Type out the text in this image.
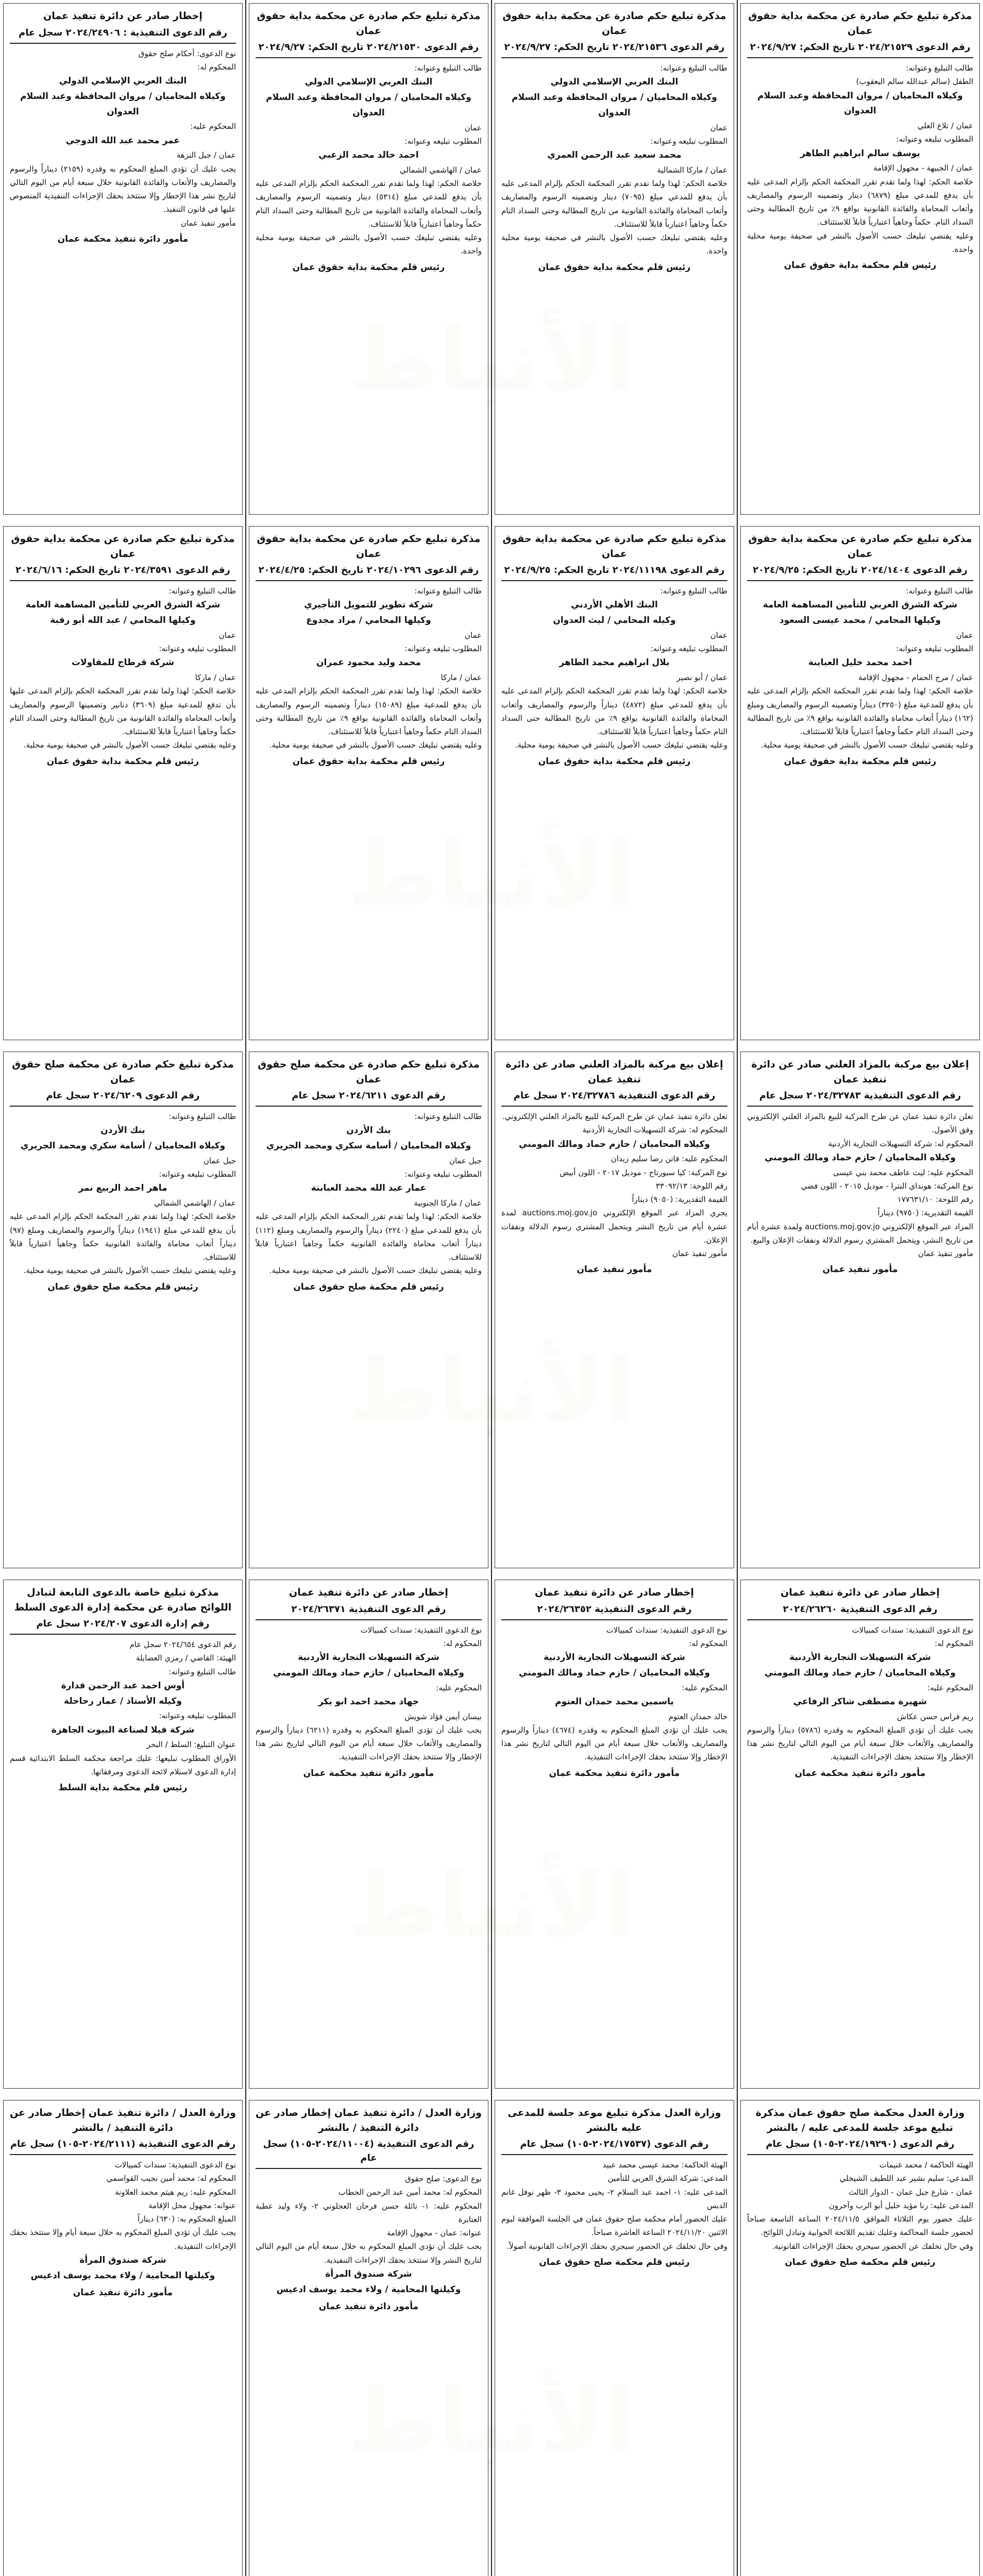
مذكرة تبليغ حكم صادرة عن محكمة بداية حقوق عمان
رقم الدعوى ٢٠٢٤/٢١٥٢٩ تاريخ الحكم: ٢٠٢٤/٩/٢٧
طالب التبليغ وعنوانه:
الطفل (سالم عبدالله سالم اليعقوب)
وكيلاه المحاميان / مروان المحافظة وعبد السلام العدوان
عمان / تلاع العلي
المطلوب تبليغه وعنوانه:
يوسف سالم ابراهيم الطاهر
عمان / الجبيهة - مجهول الإقامة
خلاصة الحكم: لهذا ولما تقدم تقرر المحكمة الحكم بإلزام المدعى عليه بأن يدفع للمدعي مبلغ (٦٨٧٩) دينار وتضمينه الرسوم والمصاريف وأتعاب المحاماة والفائدة القانونية بواقع ٩٪ من تاريخ المطالبة وحتى السداد التام. حكماً وجاهياً اعتبارياً قابلاً للاستئناف.
وعليه يقتضي تبليغك حسب الأصول بالنشر في صحيفة يومية محلية واحدة.
رئيس قلم محكمة بداية حقوق عمان
مذكرة تبليغ حكم صادرة عن محكمة بداية حقوق عمان
رقم الدعوى ٢٠٢٤/٢١٥٣٦ تاريخ الحكم: ٢٠٢٤/٩/٢٧
طالب التبليغ وعنوانه:
البنك العربي الإسلامي الدولي
وكيلاه المحاميان / مروان المحافظة وعبد السلام العدوان
عمان
المطلوب تبليغه وعنوانه:
محمد سعيد عبد الرحمن العمري
عمان / ماركا الشمالية
خلاصة الحكم: لهذا ولما تقدم تقرر المحكمة الحكم بإلزام المدعى عليه بأن يدفع للمدعي مبلغ (٧٠٩٥) دينار وتضمينه الرسوم والمصاريف وأتعاب المحاماة والفائدة القانونية من تاريخ المطالبة وحتى السداد التام حكماً وجاهياً اعتبارياً قابلاً للاستئناف.
وعليه يقتضي تبليغك حسب الأصول بالنشر في صحيفة يومية محلية واحدة.
رئيس قلم محكمة بداية حقوق عمان
مذكرة تبليغ حكم صادرة عن محكمة بداية حقوق عمان
رقم الدعوى ٢٠٢٤/٢١٥٣٠ تاريخ الحكم: ٢٠٢٤/٩/٢٧
طالب التبليغ وعنوانه:
البنك العربي الإسلامي الدولي
وكيلاه المحاميان / مروان المحافظة وعبد السلام العدوان
عمان
المطلوب تبليغه وعنوانه:
احمد خالد محمد الزعبي
عمان / الهاشمي الشمالي
خلاصة الحكم: لهذا ولما تقدم تقرر المحكمة الحكم بإلزام المدعى عليه بأن يدفع للمدعي مبلغ (٥٣١٤) دينار وتضمينه الرسوم والمصاريف وأتعاب المحاماة والفائدة القانونية من تاريخ المطالبة وحتى السداد التام حكماً وجاهياً اعتبارياً قابلاً للاستئناف.
وعليه يقتضي تبليغك حسب الأصول بالنشر في صحيفة يومية محلية واحدة.
رئيس قلم محكمة بداية حقوق عمان
إخطار صادر عن دائرة تنفيذ عمان
رقم الدعوى التنفيذية : ٢٠٢٤/٢٤٩٠٦ سجل عام
نوع الدعوى: أحكام صلح حقوق
المحكوم له:
البنك العربي الإسلامي الدولي
وكيلاه المحاميان / مروان المحافظة وعبد السلام العدوان
المحكوم عليه:
عمر محمد عبد الله الدوجي
عمان / جبل النزهة
يجب عليك أن تؤدي المبلغ المحكوم به وقدره (٢١٥٩) ديناراً والرسوم والمصاريف والأتعاب والفائدة القانونية خلال سبعة أيام من اليوم التالي لتاريخ نشر هذا الإخطار وإلا ستتخذ بحقك الإجراءات التنفيذية المنصوص عليها في قانون التنفيذ.
مأمور تنفيذ عمان
مأمور دائرة تنفيذ محكمة عمان
مذكرة تبليغ حكم صادرة عن محكمة بداية حقوق عمان
رقم الدعوى ٢٠٢٤/١٤٠٤ تاريخ الحكم: ٢٠٢٤/٩/٢٥
طالب التبليغ وعنوانه:
شركة الشرق العربي للتأمين المساهمة العامة
وكيلها المحامي / محمد عيسى السعود
عمان
المطلوب تبليغه وعنوانه:
احمد محمد خليل العبابنة
عمان / مرج الحمام - مجهول الإقامة
خلاصة الحكم: لهذا ولما تقدم تقرر المحكمة الحكم بإلزام المدعى عليه بأن يدفع للمدعية مبلغ (٣٢٥٠) ديناراً وتضمينه الرسوم والمصاريف ومبلغ (١٦٢) ديناراً أتعاب محاماة والفائدة القانونية بواقع ٩٪ من تاريخ المطالبة وحتى السداد التام حكماً وجاهياً اعتبارياً قابلاً للاستئناف.
وعليه يقتضي تبليغك حسب الأصول بالنشر في صحيفة يومية محلية.
رئيس قلم محكمة بداية حقوق عمان
مذكرة تبليغ حكم صادرة عن محكمة بداية حقوق عمان
رقم الدعوى ٢٠٢٤/١١١٩٨ تاريخ الحكم: ٢٠٢٤/٩/٢٥
طالب التبليغ وعنوانه:
البنك الأهلي الأردني
وكيله المحامي / ليث العدوان
عمان
المطلوب تبليغه وعنوانه:
بلال ابراهيم محمد الطاهر
عمان / أبو نصير
خلاصة الحكم: لهذا ولما تقدم تقرر المحكمة الحكم بإلزام المدعى عليه بأن يدفع للمدعي مبلغ (٤٨٧٢) ديناراً والرسوم والمصاريف وأتعاب المحاماة والفائدة القانونية بواقع ٩٪ من تاريخ المطالبة حتى السداد التام حكماً وجاهياً اعتبارياً قابلاً للاستئناف.
وعليه يقتضي تبليغك حسب الأصول بالنشر في صحيفة يومية محلية.
رئيس قلم محكمة بداية حقوق عمان
مذكرة تبليغ حكم صادرة عن محكمة بداية حقوق عمان
رقم الدعوى ٢٠٢٤/١٠٢٩٦ تاريخ الحكم: ٢٠٢٤/٤/٢٥
طالب التبليغ وعنوانه:
شركة تطوير للتمويل التأجيري
وكيلها المحامي / مراد مجدوع
عمان
المطلوب تبليغه وعنوانه:
محمد وليد محمود عمران
عمان / ماركا
خلاصة الحكم: لهذا ولما تقدم تقرر المحكمة الحكم بإلزام المدعى عليه بأن يدفع للمدعية مبلغ (١٥٠٨٩) ديناراً وتضمينه الرسوم والمصاريف وأتعاب المحاماة والفائدة القانونية بواقع ٩٪ من تاريخ المطالبة وحتى السداد التام حكماً وجاهياً اعتبارياً قابلاً للاستئناف.
وعليه يقتضي تبليغك حسب الأصول بالنشر في صحيفة يومية محلية.
رئيس قلم محكمة بداية حقوق عمان
مذكرة تبليغ حكم صادرة عن محكمة بداية حقوق عمان
رقم الدعوى ٢٠٢٤/٣٥٩١ تاريخ الحكم: ٢٠٢٤/٦/١٦
طالب التبليغ وعنوانه:
شركة الشرق العربي للتأمين المساهمة العامة
وكيلها المحامي / عبد الله أبو رقبة
عمان
المطلوب تبليغه وعنوانه:
شركة قرطاج للمقاولات
عمان / ماركا
خلاصة الحكم: لهذا ولما تقدم تقرر المحكمة الحكم بإلزام المدعى عليها بأن تدفع للمدعية مبلغ (٣٦٠٩) دنانير وتضمينها الرسوم والمصاريف وأتعاب المحاماة والفائدة القانونية من تاريخ المطالبة وحتى السداد التام حكماً وجاهياً اعتبارياً قابلاً للاستئناف.
وعليه يقتضي تبليغك حسب الأصول بالنشر في صحيفة يومية محلية.
رئيس قلم محكمة بداية حقوق عمان
إعلان بيع مركبة بالمزاد العلني صادر عن دائرة تنفيذ عمان
رقم الدعوى التنفيذية ٢٠٢٤/٣٢٧٨٣ سجل عام
تعلن دائرة تنفيذ عمان عن طرح المركبة للبيع بالمزاد العلني الإلكتروني وفق الأصول.
المحكوم له: شركة التسهيلات التجارية الأردنية
وكيلاه المحاميان / حازم حماد ومالك المومني
المحكوم عليه: ليث عاطف محمد بني عيسى
نوع المركبة: هونداي النترا - موديل ٢٠١٥ - اللون فضي
رقم اللوحة: ١٧٧٦٣١/١٠
القيمة التقديرية: (٩٧٥٠) ديناراً
المزاد عبر الموقع الإلكتروني auctions.moj.gov.jo ولمدة عشرة أيام من تاريخ النشر، ويتحمل المشتري رسوم الدلالة ونفقات الإعلان والبيع.
مأمور تنفيذ عمان
مأمور تنفيذ عمان
إعلان بيع مركبة بالمزاد العلني صادر عن دائرة تنفيذ عمان
رقم الدعوى التنفيذية ٢٠٢٤/٣٢٧٨٦ سجل عام
تعلن دائرة تنفيذ عمان عن طرح المركبة للبيع بالمزاد العلني الإلكتروني.
المحكوم له: شركة التسهيلات التجارية الأردنية
وكيلاه المحاميان / حازم حماد ومالك المومني
المحكوم عليه: فاتن رضا سليم زيدان
نوع المركبة: كيا سبورتاج - موديل ٢٠١٧ - اللون أبيض
رقم اللوحة: ٣٣٠٩٢/١٣
القيمة التقديرية: (٩٠٥٠) ديناراً
يجري المزاد عبر الموقع الإلكتروني auctions.moj.gov.jo لمدة عشرة أيام من تاريخ النشر ويتحمل المشتري رسوم الدلالة ونفقات الإعلان.
مأمور تنفيذ عمان
مأمور تنفيذ عمان
مذكرة تبليغ حكم صادرة عن محكمة صلح حقوق عمان
رقم الدعوى ٢٠٢٤/٦٢١١ سجل عام
طالب التبليغ وعنوانه:
بنك الأردن
وكيلاه المحاميان / أسامة سكري ومحمد الجريري
جبل عمان
المطلوب تبليغه وعنوانه:
عمار عبد الله محمد العبابنة
عمان / ماركا الجنوبية
خلاصة الحكم: لهذا ولما تقدم تقرر المحكمة الحكم بإلزام المدعى عليه بأن يدفع للمدعي مبلغ (٢٢٤٠) ديناراً والرسوم والمصاريف ومبلغ (١١٢) ديناراً أتعاب محاماة والفائدة القانونية حكماً وجاهياً اعتبارياً قابلاً للاستئناف.
وعليه يقتضي تبليغك حسب الأصول بالنشر في صحيفة يومية محلية.
رئيس قلم محكمة صلح حقوق عمان
مذكرة تبليغ حكم صادرة عن محكمة صلح حقوق عمان
رقم الدعوى ٢٠٢٤/٦٢٠٩ سجل عام
طالب التبليغ وعنوانه:
بنك الأردن
وكيلاه المحاميان / أسامة سكري ومحمد الجريري
جبل عمان
المطلوب تبليغه وعنوانه:
ماهر احمد الربيع نمر
عمان / الهاشمي الشمالي
خلاصة الحكم: لهذا ولما تقدم تقرر المحكمة الحكم بإلزام المدعى عليه بأن يدفع للمدعي مبلغ (١٩٤١) ديناراً والرسوم والمصاريف ومبلغ (٩٧) ديناراً أتعاب محاماة والفائدة القانونية حكماً وجاهياً اعتبارياً قابلاً للاستئناف.
وعليه يقتضي تبليغك حسب الأصول بالنشر في صحيفة يومية محلية.
رئيس قلم محكمة صلح حقوق عمان
إخطار صادر عن دائرة تنفيذ عمان
رقم الدعوى التنفيذية ٢٠٢٤/٢٦٢٦٠
نوع الدعوى التنفيذية: سندات كمبيالات
المحكوم له:
شركة التسهيلات التجارية الأردنية
وكيلاه المحاميان / حازم حماد ومالك المومني
المحكوم عليه:
شهيرة مصطفى شاكر الرفاعي
ريم فراس حسن عكاش
يجب عليك أن تؤدي المبلغ المحكوم به وقدره (٥٧٨٦) ديناراً والرسوم والمصاريف والأتعاب خلال سبعة أيام من اليوم التالي لتاريخ نشر هذا الإخطار وإلا ستتخذ بحقك الإجراءات التنفيذية.
مأمور دائرة تنفيذ محكمة عمان
إخطار صادر عن دائرة تنفيذ عمان
رقم الدعوى التنفيذية ٢٠٢٤/٢٦٣٥٢
نوع الدعوى التنفيذية: سندات كمبيالات
المحكوم له:
شركة التسهيلات التجارية الأردنية
وكيلاه المحاميان / حازم حماد ومالك المومني
المحكوم عليه:
ياسمين محمد حمدان العتوم
خالد حمدان العتوم
يجب عليك أن تؤدي المبلغ المحكوم به وقدره (٤٦٧٤) ديناراً والرسوم والمصاريف والأتعاب خلال سبعة أيام من اليوم التالي لتاريخ نشر هذا الإخطار وإلا ستتخذ بحقك الإجراءات التنفيذية.
مأمور دائرة تنفيذ محكمة عمان
إخطار صادر عن دائرة تنفيذ عمان
رقم الدعوى التنفيذية ٢٠٢٤/٢٦٣٧١
نوع الدعوى التنفيذية: سندات كمبيالات
المحكوم له:
شركة التسهيلات التجارية الأردنية
وكيلاه المحاميان / حازم حماد ومالك المومني
المحكوم عليه:
جهاد محمد احمد ابو بكر
بيسان أيمن فؤاد شويش
يجب عليك أن تؤدي المبلغ المحكوم به وقدره (٦٢١١) ديناراً والرسوم والمصاريف والأتعاب خلال سبعة أيام من اليوم التالي لتاريخ نشر هذا الإخطار وإلا ستتخذ بحقك الإجراءات التنفيذية.
مأمور دائرة تنفيذ محكمة عمان
مذكرة تبليغ خاصة بالدعوى التابعة لتبادل اللوائح صادرة عن محكمة إدارة الدعوى السلط
رقم إدارة الدعوى ٢٠٢٤/٢٠٧ سجل عام
رقم الدعوى ٢٠٢٤/٦٥٤ سجل عام
الهيئة: القاضي / رمزي العضايلة
طالب التبليغ وعنوانه:
أوس احمد عبد الرحمن قدارة
وكيله الأستاذ / عمار رحاحلة
المطلوب تبليغه وعنوانه:
شركة فيلا لصناعة البيوت الجاهزة
عنوان التبليغ: السلط / البحر
الأوراق المطلوب تبليغها: عليك مراجعة محكمة السلط الابتدائية قسم إدارة الدعوى لاستلام لائحة الدعوى ومرفقاتها.
رئيس قلم محكمة بداية السلط
وزارة العدل محكمة صلح حقوق عمان مذكرة تبليغ موعد جلسة للمدعى عليه / بالنشر
رقم الدعوى (٢٠٢٤/١٩٢٩٠-١٠٥) سجل عام
الهيئة الحاكمة / محمد غنيمات
المدعي: سليم بشير عبد اللطيف الشيخلي
عمان - شارع جبل عمان - الدوار الثالث
المدعى عليه: رنا مؤيد خليل أبو الرب وآخرون
عليك حضور يوم الثلاثاء الموافق ٢٠٢٤/١١/٥ الساعة التاسعة صباحاً لحضور جلسة المحاكمة وعليك تقديم اللائحة الجوابية وتبادل اللوائح.
وفي حال تخلفك عن الحضور سيجري بحقك الإجراءات القانونية.
رئيس قلم محكمة صلح حقوق عمان
وزارة العدل مذكرة تبليغ موعد جلسة للمدعى عليه بالنشر
رقم الدعوى (٢٠٢٤/١٧٥٣٧-١٠٥) سجل عام
الهيئة الحاكمة: محمد عيسى محمد عبيد
المدعي: شركة الشرق العربي للتأمين
المدعى عليه: ١- احمد عبد السلام ٢- يحيى محمود ٣- ظهر نوفل غانم الدبس
عليك الحضور أمام محكمة صلح حقوق عمان في الجلسة الموافقة ليوم الاثنين ٢٠٢٤/١١/٢٠ الساعة العاشرة صباحاً.
وفي حال تخلفك عن الحضور سيجري بحقك الإجراءات القانونية أصولاً.
رئيس قلم محكمة صلح حقوق عمان
وزارة العدل / دائرة تنفيذ عمان إخطار صادر عن دائرة التنفيذ / بالنشر
رقم الدعوى التنفيذية (٢٠٢٤/١١٠٠٤-١٠٥) سجل عام
نوع الدعوى: صلح حقوق
المحكوم له: محمد أمين عبد الرحمن الحطاب
المحكوم عليه: ١- نائلة حسن فرحان العجلوني ٢- ولاء وليد عطية العتابرة
عنوانه: عمان - مجهول الإقامة
يجب عليك أن تؤدي المبلغ المحكوم به خلال سبعة أيام من اليوم التالي لتاريخ النشر وإلا ستتخذ بحقك الإجراءات التنفيذية.
شركة صندوق المرأة
وكيلتها المحامية / ولاء محمد يوسف ادعيس
مأمور دائرة تنفيذ عمان
وزارة العدل / دائرة تنفيذ عمان إخطار صادر عن دائرة التنفيذ / بالنشر
رقم الدعوى التنفيذية (٢٠٢٤/٢١١١-١٠٥) سجل عام
نوع الدعوى التنفيذية: سندات كمبيالات
المحكوم له: محمد أمين نجيب القواسمي
المحكوم عليه: ريم هيثم محمد العلاونة
عنوانه: مجهول محل الإقامة
المبلغ المحكوم به: (٦٣٠) ديناراً
يجب عليك أن تؤدي المبلغ المحكوم به خلال سبعة أيام وإلا ستتخذ بحقك الإجراءات التنفيذية.
شركة صندوق المرأة
وكيلتها المحامية / ولاء محمد يوسف ادعيس
مأمور دائرة تنفيذ عمان
